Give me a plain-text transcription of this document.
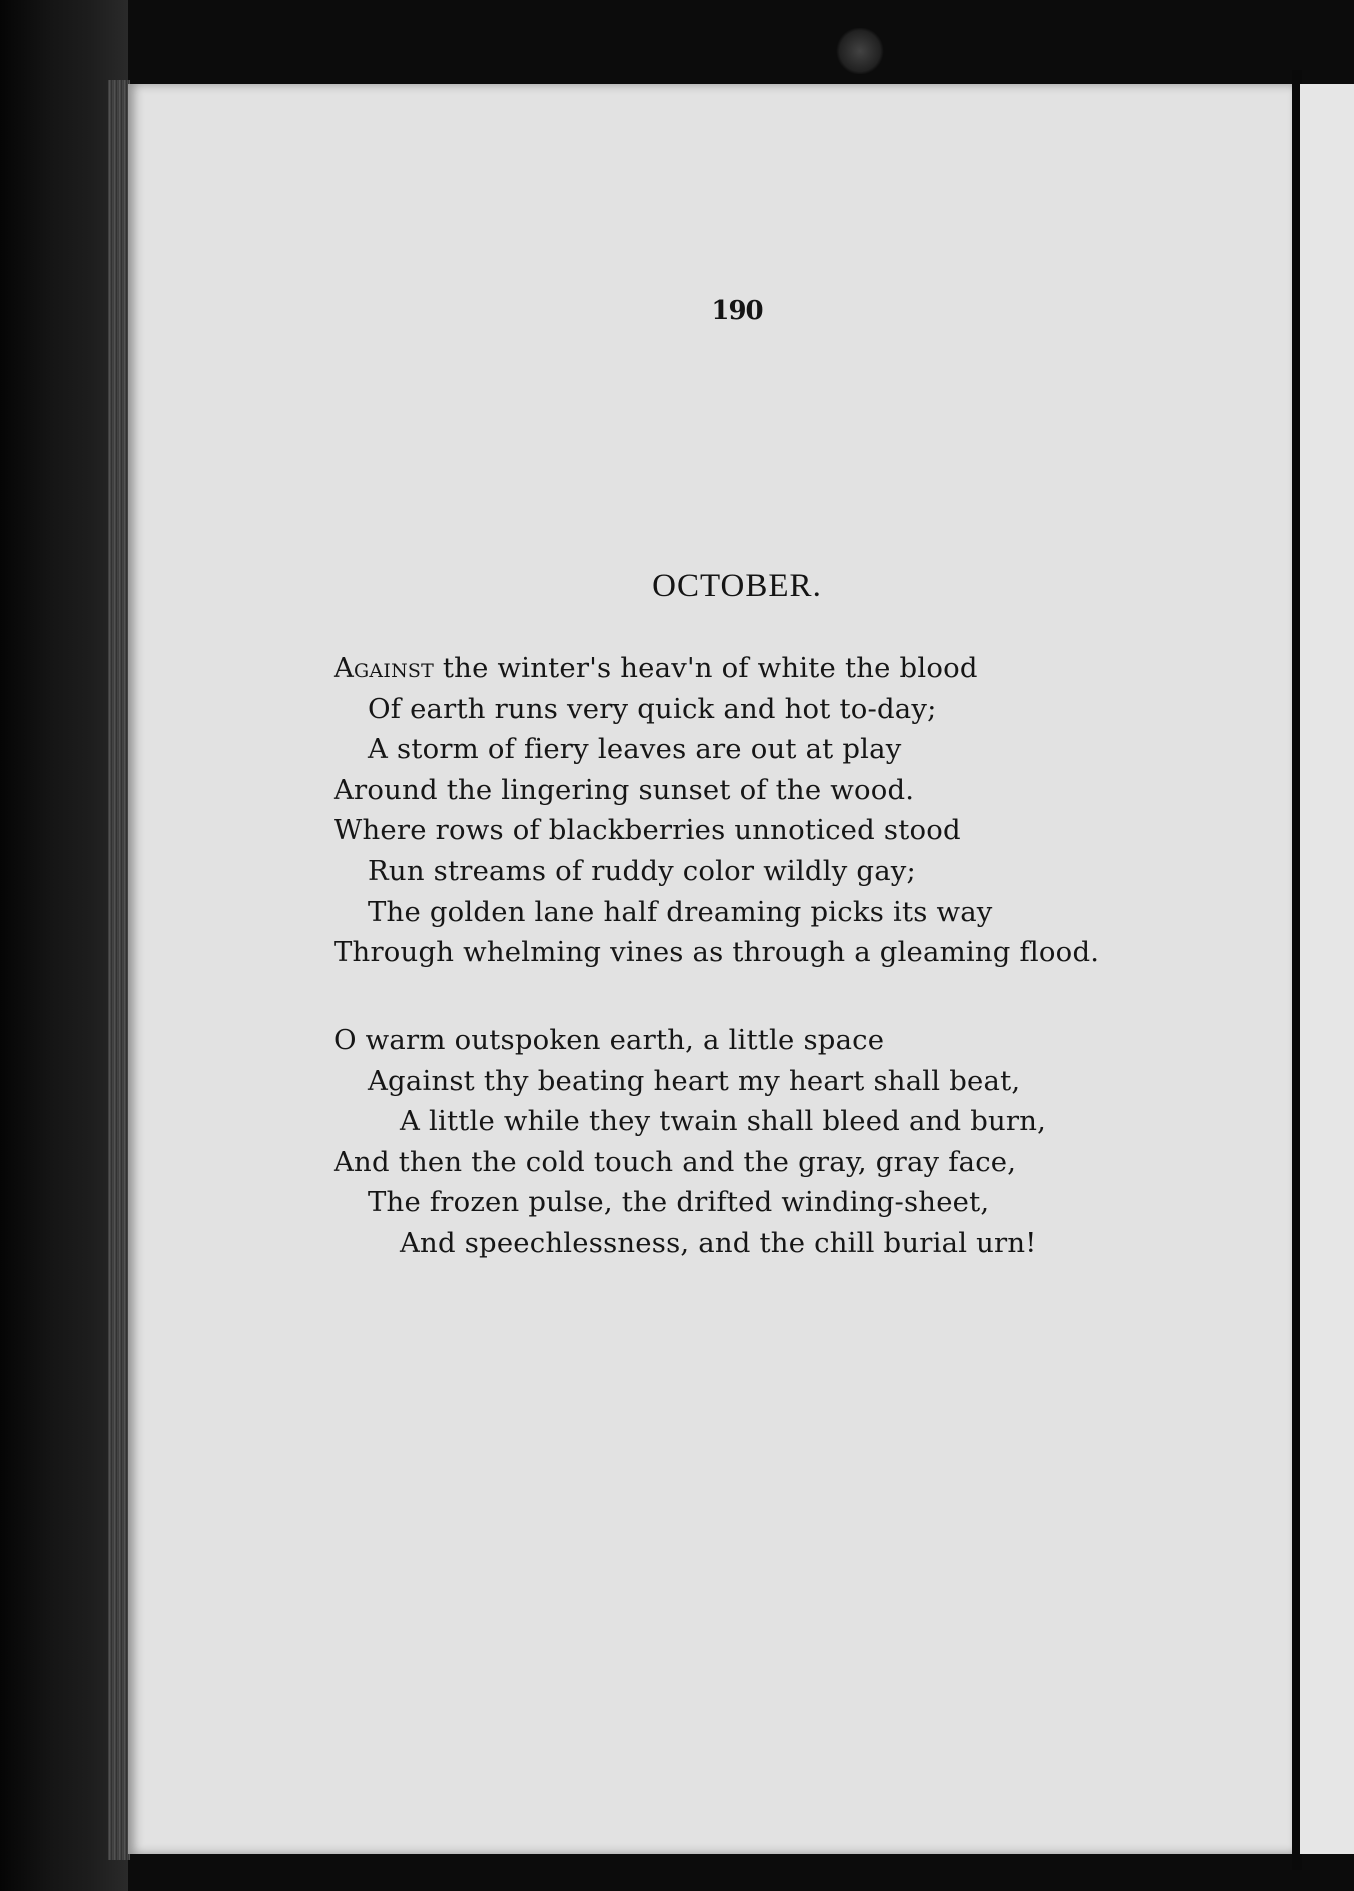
190
OCTOBER.
Against the winter's heav'n of white the blood
Of earth runs very quick and hot to-day;
A storm of fiery leaves are out at play
Around the lingering sunset of the wood.
Where rows of blackberries unnoticed stood
Run streams of ruddy color wildly gay;
The golden lane half dreaming picks its way
Through whelming vines as through a gleaming flood.
O warm outspoken earth, a little space
Against thy beating heart my heart shall beat,
A little while they twain shall bleed and burn,
And then the cold touch and the gray, gray face,
The frozen pulse, the drifted winding-sheet,
And speechlessness, and the chill burial urn!
